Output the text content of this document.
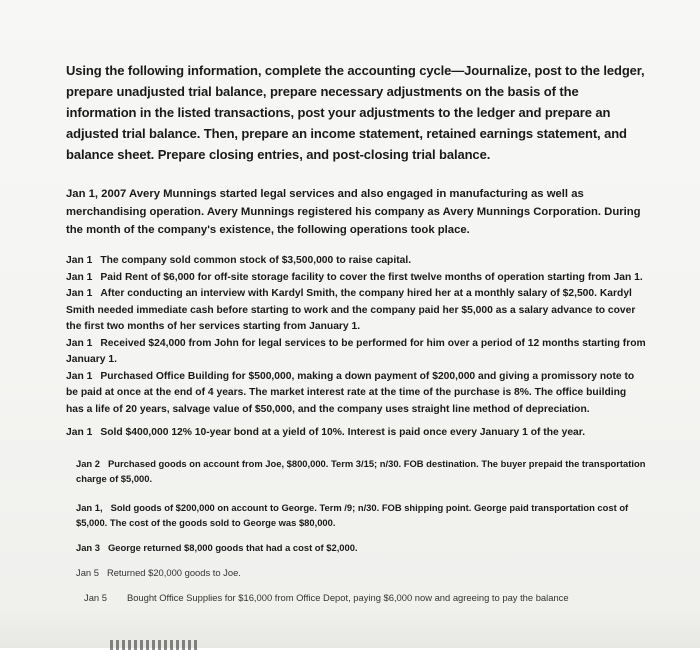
Using the following information, complete the accounting cycle—Journalize, post to the ledger, prepare unadjusted trial balance, prepare necessary adjustments on the basis of the information in the listed transactions, post your adjustments to the ledger and prepare an adjusted trial balance. Then, prepare an income statement, retained earnings statement, and balance sheet. Prepare closing entries, and post-closing trial balance.

Jan 1, 2007 Avery Munnings started legal services and also engaged in manufacturing as well as merchandising operation. Avery Munnings registered his company as Avery Munnings Corporation. During the month of the company's existence, the following operations took place.

Jan 1 The company sold common stock of $3,500,000 to raise capital.

Jan 1 Paid Rent of $6,000 for off-site storage facility to cover the first twelve months of operation starting from Jan 1.

Jan 1 After conducting an interview with Kardyl Smith, the company hired her at a monthly salary of $2,500. Kardyl Smith needed immediate cash before starting to work and the company paid her $5,000 as a salary advance to cover the first two months of her services starting from January 1.

Jan 1 Received $24,000 from John for legal services to be performed for him over a period of 12 months starting from January 1.

Jan 1 Purchased Office Building for $500,000, making a down payment of $200,000 and giving a promissory note to be paid at once at the end of 4 years. The market interest rate at the time of the purchase is 8%. The office building has a life of 20 years, salvage value of $50,000, and the company uses straight line method of depreciation.

Jan 1 Sold $400,000 12% 10-year bond at a yield of 10%. Interest is paid once every January 1 of the year.

Jan 2 Purchased goods on account from Joe, $800,000. Term 3/15; n/30. FOB destination. The buyer prepaid the transportation charge of $5,000.

Jan 1, Sold goods of $200,000 on account to George. Term /9; n/30. FOB shipping point. George paid transportation cost of $5,000. The cost of the goods sold to George was $80,000.

Jan 3 George returned $8,000 goods that had a cost of $2,000.

Jan 5 Returned $20,000 goods to Joe.

Jan 5 Bought Office Supplies for $16,000 from Office Depot, paying $6,000 now and agreeing to pay the balance
